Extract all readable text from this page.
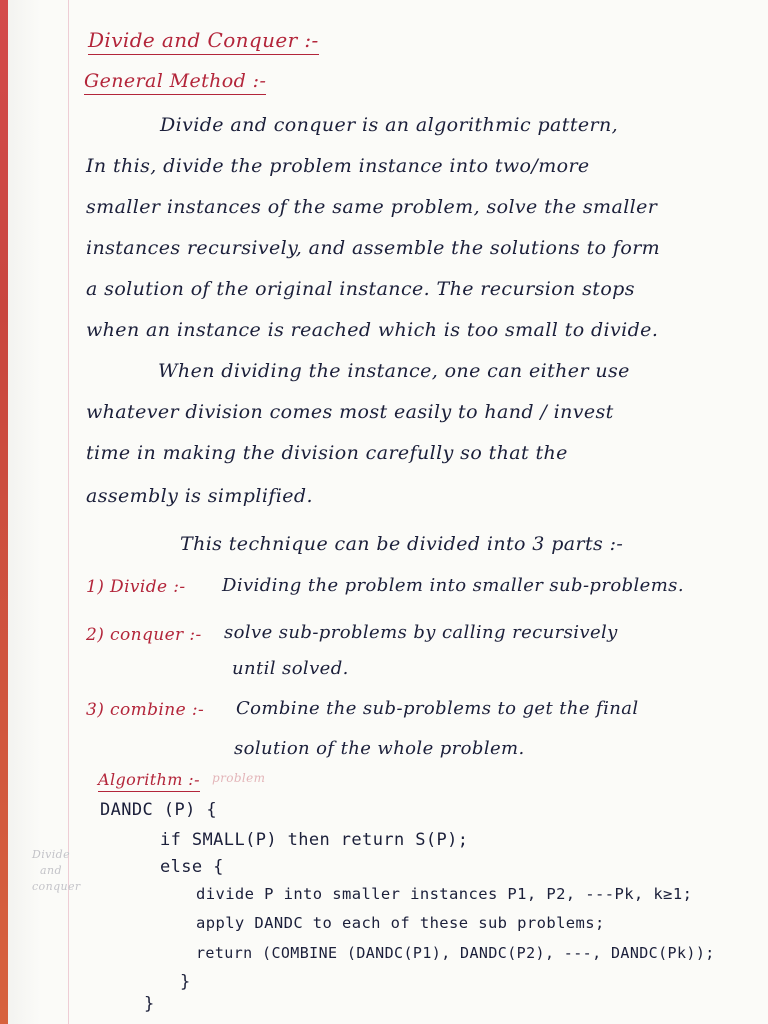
Divide and Conquer :-
General Method :-
Divide and conquer is an algorithmic pattern,
In this, divide the problem instance into two/more
smaller instances of the same problem, solve the smaller
instances recursively, and assemble the solutions to form
a solution of the original instance. The recursion stops
when an instance is reached which is too small to divide.
When dividing the instance, one can either use
whatever division comes most easily to hand / invest
time in making the division carefully so that the
assembly is simplified.
This technique can be divided into 3 parts :-
1) Divide :- Dividing the problem into smaller sub-problems.
2) conquer :- solve sub-problems by calling recursively
until solved.
3) combine :- Combine the sub-problems to get the final
solution of the whole problem.
Algorithm :- problem
DANDC (P) {
if SMALL(P) then return S(P);
else {
divide P into smaller instances P1, P2, ---Pk, k≥1;
apply DANDC to each of these sub problems;
return (COMBINE (DANDC(P1), DANDC(P2), ---, DANDC(Pk));
}
}
Divide
and
conquer
